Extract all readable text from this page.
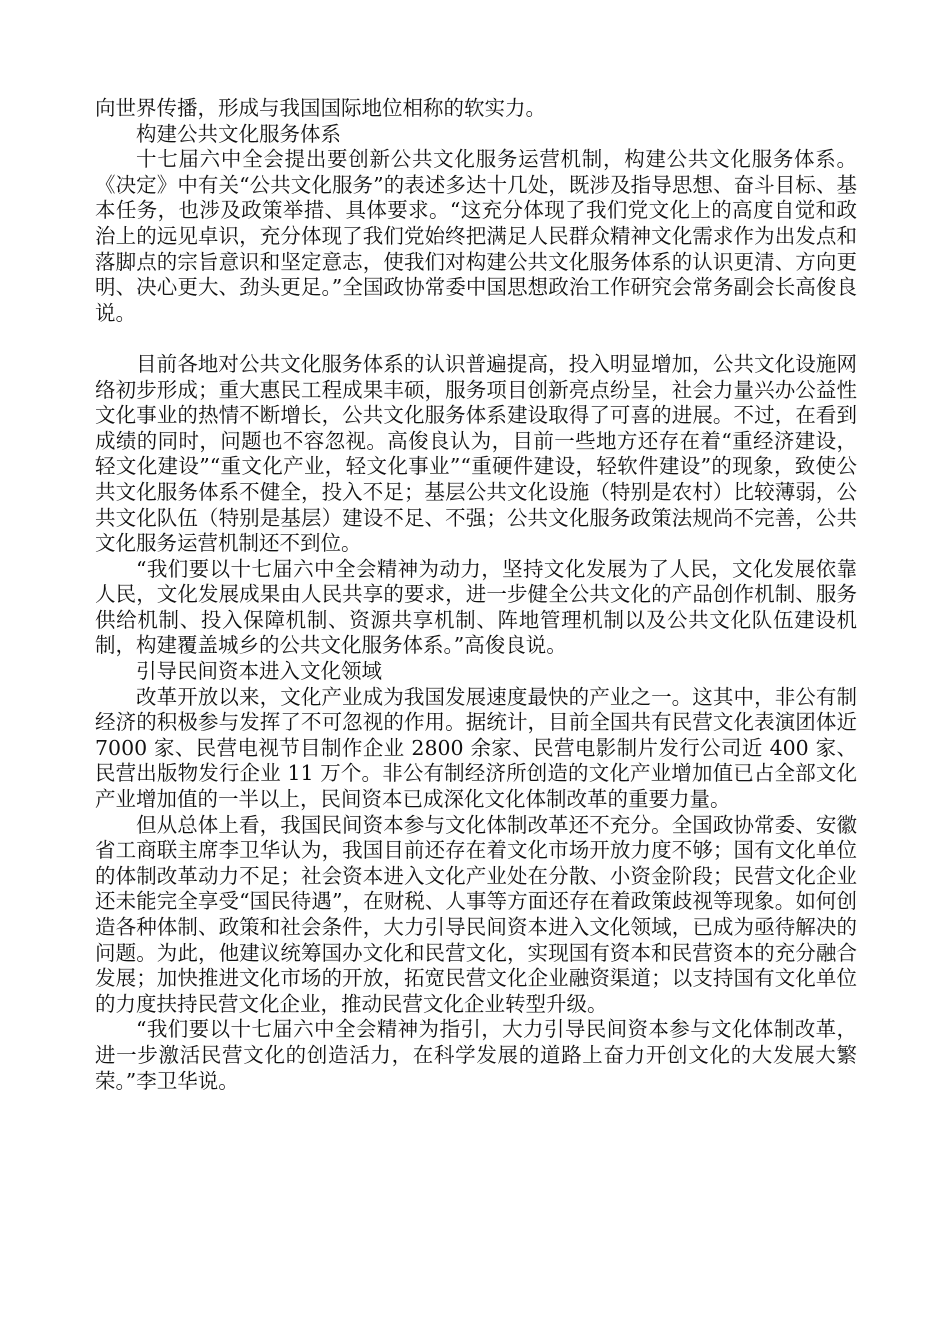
向世界传播，形成与我国国际地位相称的软实力。

构建公共文化服务体系

十七届六中全会提出要创新公共文化服务运营机制，构建公共文化服务体系。《决定》中有关“公共文化服务”的表述多达十几处，既涉及指导思想、奋斗目标、基本任务，也涉及政策举措、具体要求。“这充分体现了我们党文化上的高度自觉和政治上的远见卓识，充分体现了我们党始终把满足人民群众精神文化需求作为出发点和落脚点的宗旨意识和坚定意志，使我们对构建公共文化服务体系的认识更清、方向更明、决心更大、劲头更足。”全国政协常委中国思想政治工作研究会常务副会长高俊良说。

目前各地对公共文化服务体系的认识普遍提高，投入明显增加，公共文化设施网络初步形成；重大惠民工程成果丰硕，服务项目创新亮点纷呈，社会力量兴办公益性文化事业的热情不断增长，公共文化服务体系建设取得了可喜的进展。不过，在看到成绩的同时，问题也不容忽视。高俊良认为，目前一些地方还存在着“重经济建设，轻文化建设”“重文化产业，轻文化事业”“重硬件建设，轻软件建设”的现象，致使公共文化服务体系不健全，投入不足；基层公共文化设施（特别是农村）比较薄弱，公共文化队伍（特别是基层）建设不足、不强；公共文化服务政策法规尚不完善，公共文化服务运营机制还不到位。

“我们要以十七届六中全会精神为动力，坚持文化发展为了人民，文化发展依靠人民，文化发展成果由人民共享的要求，进一步健全公共文化的产品创作机制、服务供给机制、投入保障机制、资源共享机制、阵地管理机制以及公共文化队伍建设机制，构建覆盖城乡的公共文化服务体系。”高俊良说。

引导民间资本进入文化领域

改革开放以来，文化产业成为我国发展速度最快的产业之一。这其中，非公有制经济的积极参与发挥了不可忽视的作用。据统计，目前全国共有民营文化表演团体近 7000 家、民营电视节目制作企业 2800 余家、民营电影制片发行公司近 400 家、民营出版物发行企业 11 万个。非公有制经济所创造的文化产业增加值已占全部文化产业增加值的一半以上，民间资本已成深化文化体制改革的重要力量。

但从总体上看，我国民间资本参与文化体制改革还不充分。全国政协常委、安徽省工商联主席李卫华认为，我国目前还存在着文化市场开放力度不够；国有文化单位的体制改革动力不足；社会资本进入文化产业处在分散、小资金阶段；民营文化企业还未能完全享受“国民待遇”，在财税、人事等方面还存在着政策歧视等现象。如何创造各种体制、政策和社会条件，大力引导民间资本进入文化领域，已成为亟待解决的问题。为此，他建议统筹国办文化和民营文化，实现国有资本和民营资本的充分融合发展；加快推进文化市场的开放，拓宽民营文化企业融资渠道；以支持国有文化单位的力度扶持民营文化企业，推动民营文化企业转型升级。

“我们要以十七届六中全会精神为指引，大力引导民间资本参与文化体制改革，进一步激活民营文化的创造活力，在科学发展的道路上奋力开创文化的大发展大繁荣。”李卫华说。
